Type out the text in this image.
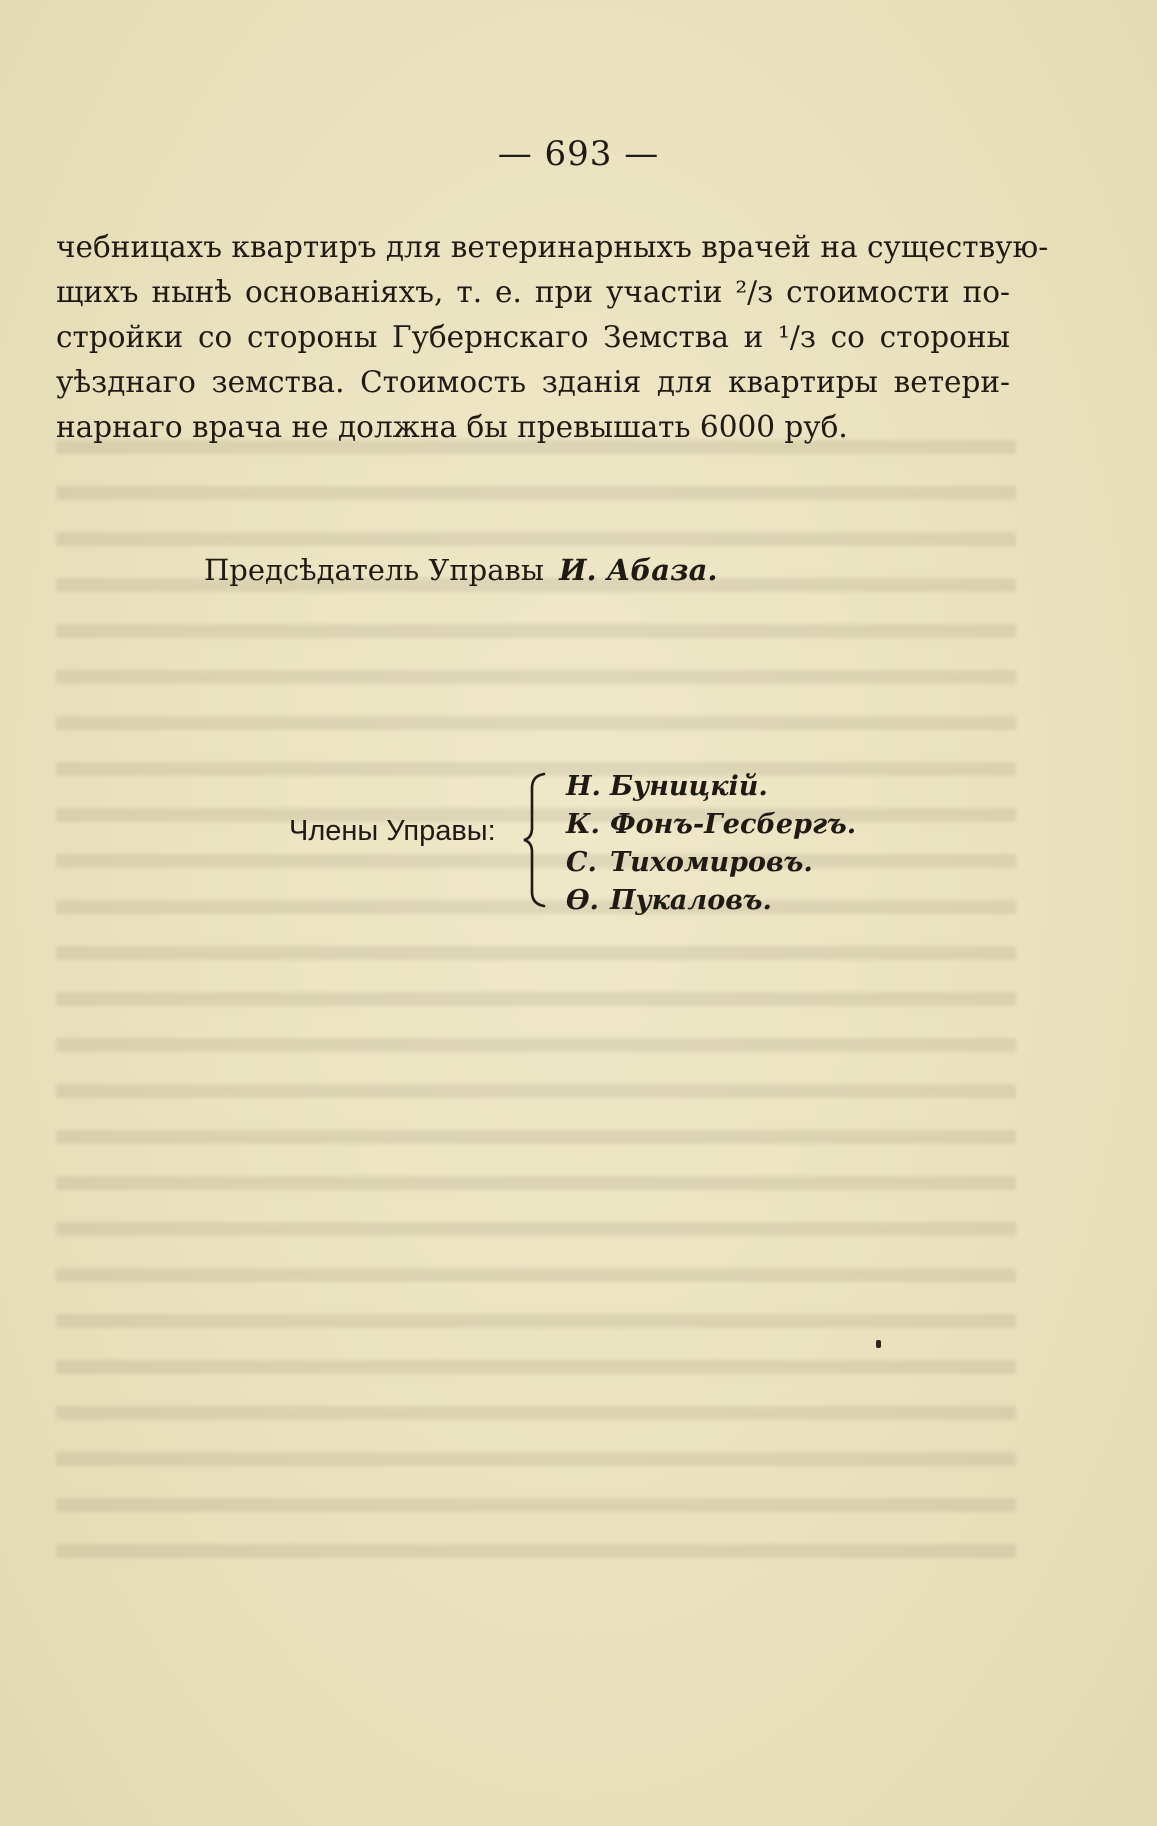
— 693 —
чебницахъ квартиръ для ветеринарныхъ врачей на существую-
щихъ нынѣ основаніяхъ, т. е. при участіи ²/з стоимости по-
стройки со стороны Губернскаго Земства и ¹/з со стороны
уѣзднаго земства. Стоимость зданія для квартиры ветери-
нарнаго врача не должна бы превышать 6000 руб.
Предсѣдатель Управы И. Абаза.
Члены Управы:
Н. Буницкій.
К. Фонъ-Гесбергъ.
С. Тихомировъ.
Ѳ. Пукаловъ.
